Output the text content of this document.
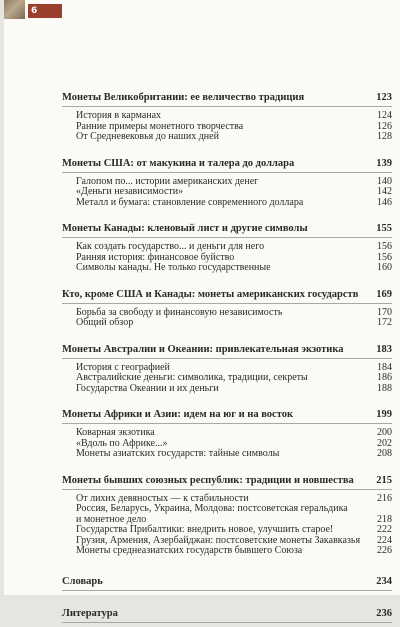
6
Монеты Великобритании: ее величество традиция	123
История в карманах	124
Ранние примеры монетного творчества	126
От Средневековья до наших дней	128
Монеты США: от макукина и талера до доллара	139
Галопом по... истории американских денег	140
«Деньги независимости»	142
Металл и бумага: становление современного доллара	146
Монеты Канады: кленовый лист и другие символы	155
Как создать государство... и деньги для него	156
Ранняя история: финансовое буйство	156
Символы канады. Не только государственные	160
Кто, кроме США и Канады: монеты американских государств	169
Борьба за свободу и финансовую независимость	170
Общий обзор	172
Монеты Австралии и Океании: привлекательная экзотика	183
История с географией	184
Австралийские деньги: символика, традиции, секреты	186
Государства Океании и их деньги	188
Монеты Африки и Азии: идем на юг и на восток	199
Коварная экзотика	200
«Вдоль по Африке...»	202
Монеты азиатских государств: тайные символы	208
Монеты бывших союзных республик: традиции и новшества	215
От лихих девяностых — к стабильности	216
Россия, Беларусь, Украина, Молдова: постсоветская геральдика
и монетное дело	218
Государства Прибалтики: внедрить новое, улучшить старое!	222
Грузия, Армения, Азербайджан: постсоветские монеты Закавказья 224
Монеты среднеазиатских государств бывшего Союза	226
Словарь	234
Литература	236
